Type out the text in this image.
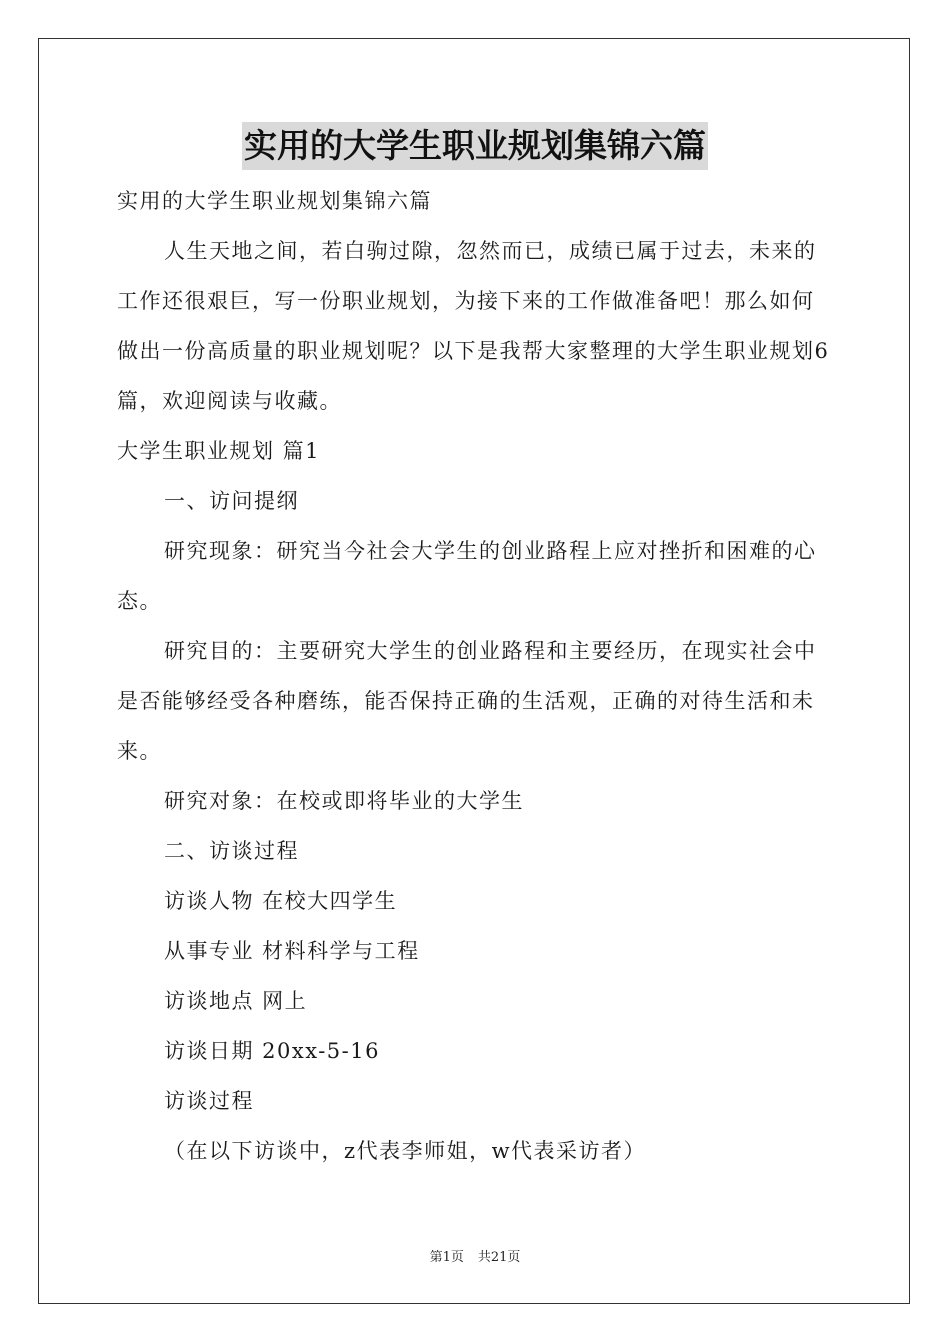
实用的大学生职业规划集锦六篇

实用的大学生职业规划集锦六篇

人生天地之间，若白驹过隙，忽然而已，成绩已属于过去，未来的工作还很艰巨，写一份职业规划，为接下来的工作做准备吧！那么如何做出一份高质量的职业规划呢？以下是我帮大家整理的大学生职业规划6篇，欢迎阅读与收藏。

大学生职业规划 篇1

一、访问提纲

研究现象：研究当今社会大学生的创业路程上应对挫折和困难的心态。

研究目的：主要研究大学生的创业路程和主要经历，在现实社会中是否能够经受各种磨练，能否保持正确的生活观，正确的对待生活和未来。

研究对象：在校或即将毕业的大学生

二、访谈过程

访谈人物 在校大四学生

从事专业 材料科学与工程

访谈地点 网上

访谈日期 20xx-5-16

访谈过程

（在以下访谈中，z代表李师姐，w代表采访者）

第1页 共21页
